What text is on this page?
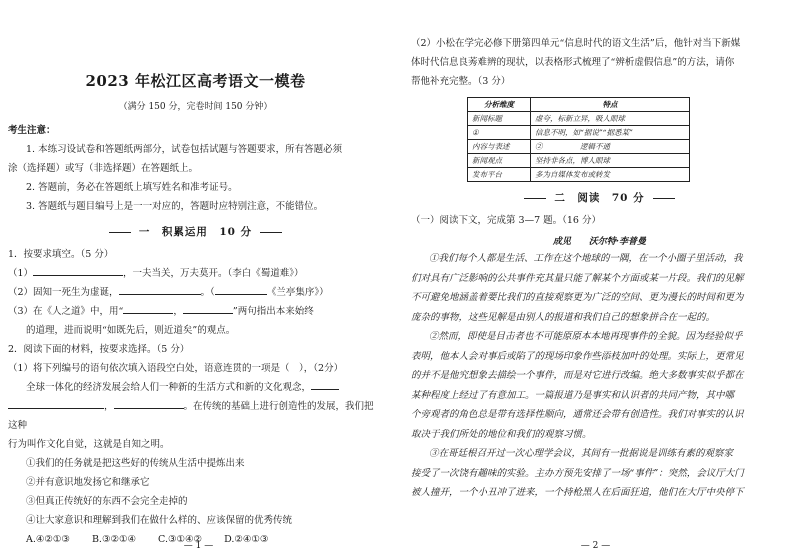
2023 年松江区高考语文一模卷
（满分 150 分，完卷时间 150 分钟）
考生注意：

1. 本练习设试卷和答题纸两部分，试卷包括试题与答题要求，所有答题必须

涂（选择题）或写（非选择题）在答题纸上。

2. 答题前，务必在答题纸上填写姓名和准考证号。

3. 答题纸与题目编号上是一一对应的，答题时应特别注意，不能错位。

一　积累运用　10 分

1．按要求填空。（5 分）

（1）	，一夫当关，万夫莫开。（李白《蜀道难》）

（2）固知一死生为虚诞，	。（	《兰亭集序》）

（3）在《人之道》中，用“	，	”两句指出本来始终

的道理，进而说明“如既先后，则近道矣”的观点。

2．阅读下面的材料，按要求选择。（5 分）

（1）将下列编号的语句依次填入语段空白处，语意连贯的一项是（　），（2分）

全球一体化的经济发展会给人们一种新的生活方式和新的文化观念，

，	。在传统的基础上进行创造性的发展，我们把这种

行为叫作文化自觉，这就是自知之明。

①我们的任务就是把这些好的传统从生活中提炼出来

②并有意识地发扬它和继承它

③但真正传统好的东西不会完全走掉的

④让大家意识和理解到我们在做什么样的、应该保留的优秀传统

A.④②①③ B.③②①④ C.③①④② D.②④①③
— 1 —

（2）小松在学完必修下册第四单元“信息时代的语文生活”后，他针对当下新媒

体时代信息良莠难辨的现状，以表格形式梳理了“辨析虚假信息”的方法，请你

帮他补充完整。（3 分）

分析维度	特点
新闻标题	虚夸，标新立异，吸人眼球
①	信息不明，如“据说”“据悉某”
内容与表述	②　　　　　逻辑不通
新闻观点	坚持非各点，博人眼球
发布平台	多为自媒体发布或转发
二　阅读　70 分

（一）阅读下文，完成第 3—7 题。（16 分）

成见　　沃尔特·李普曼

①我们每个人都是生活、工作在这个地球的一隅，在一个小圈子里活动，我

们对具有广泛影响的公共事件充其量只能了解某个方面或某一片段。我们的见解

不可避免地涵盖着要比我们的直接观察更为广泛的空间、更为漫长的时间和更为

庞杂的事物，这些见解是由别人的报道和我们自己的想象拼合在一起的。

②然而，即使是目击者也不可能原原本本地再现事件的全貌。因为经验似乎

表明，他本人会对事后或陷了的现场印象作些添枝加叶的处理。实际上，更常见

的并不是他究想象去描绘一个事件，而是对它进行改编。绝大多数事实似乎都在

某种程度上经过了有意加工。一篇报道乃是事实和认识者的共同产物，其中哪

个旁观者的角色总是带有选择性顺向，通常还会带有创造性。我们对事实的认识

取决于我们所处的地位和我们的观察习惯。

③在哥廷根召开过一次心理学会议，其间有一批据说是训练有素的观察家

接受了一次饶有趣味的实验。主办方预先安排了一场“事件”：突然，会议厅大门

被人撞开，一个小丑冲了进来，一个持枪黑人在后面狂追，他们在大厅中央停下

— 2 —
